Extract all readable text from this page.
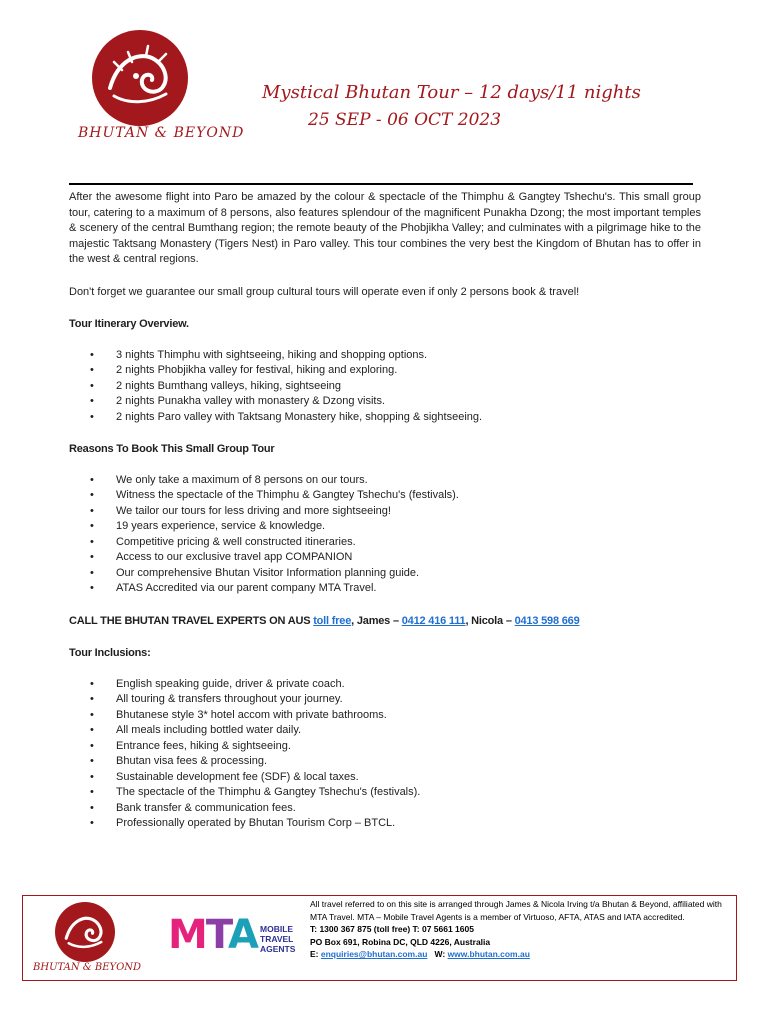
BHUTAN & BEYOND
Mystical Bhutan Tour – 12 days/11 nights
25 SEP - 06 OCT 2023

After the awesome flight into Paro be amazed by the colour & spectacle of the Thimphu & Gangtey Tshechu's. This small group tour, catering to a maximum of 8 persons, also features splendour of the magnificent Punakha Dzong; the most important temples & scenery of the central Bumthang region; the remote beauty of the Phobjikha Valley; and culminates with a pilgrimage hike to the majestic Taktsang Monastery (Tigers Nest) in Paro valley. This tour combines the very best the Kingdom of Bhutan has to offer in the west & central regions.

Don't forget we guarantee our small group cultural tours will operate even if only 2 persons book & travel!

Tour Itinerary Overview.

• 3 nights Thimphu with sightseeing, hiking and shopping options.
• 2 nights Phobjikha valley for festival, hiking and exploring.
• 2 nights Bumthang valleys, hiking, sightseeing
• 2 nights Punakha valley with monastery & Dzong visits.
• 2 nights Paro valley with Taktsang Monastery hike, shopping & sightseeing.

Reasons To Book This Small Group Tour

• We only take a maximum of 8 persons on our tours.
• Witness the spectacle of the Thimphu & Gangtey Tshechu's (festivals).
• We tailor our tours for less driving and more sightseeing!
• 19 years experience, service & knowledge.
• Competitive pricing & well constructed itineraries.
• Access to our exclusive travel app COMPANION
• Our comprehensive Bhutan Visitor Information planning guide.
• ATAS Accredited via our parent company MTA Travel.

CALL THE BHUTAN TRAVEL EXPERTS ON AUS toll free, James – 0412 416 111, Nicola – 0413 598 669

Tour Inclusions:

• English speaking guide, driver & private coach.
• All touring & transfers throughout your journey.
• Bhutanese style 3* hotel accom with private bathrooms.
• All meals including bottled water daily.
• Entrance fees, hiking & sightseeing.
• Bhutan visa fees & processing.
• Sustainable development fee (SDF) & local taxes.
• The spectacle of the Thimphu & Gangtey Tshechu's (festivals).
• Bank transfer & communication fees.
• Professionally operated by Bhutan Tourism Corp – BTCL.
BHUTAN & BEYOND
MTA MOBILE
TRAVEL
AGENTS
All travel referred to on this site is arranged through James & Nicola Irving t/a Bhutan & Beyond, affiliated with MTA Travel. MTA – Mobile Travel Agents is a member of Virtuoso, AFTA, ATAS and IATA accredited.
T: 1300 367 875 (toll free) T: 07 5661 1605
PO Box 691, Robina DC, QLD 4226, Australia
E: enquiries@bhutan.com.au   W: www.bhutan.com.au
